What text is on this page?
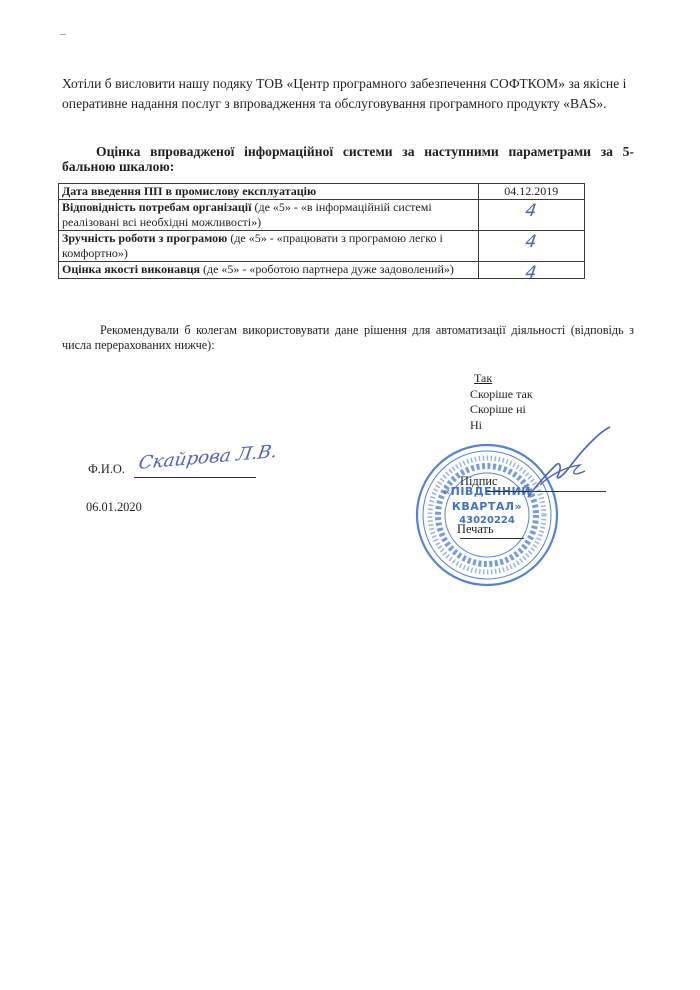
Хотіли б висловити нашу подяку ТОВ «Центр програмного забезпечення СОФТКОМ» за якісне і оперативне надання послуг з впровадження та обслуговування програмного продукту «BAS».
Оцінка впровадженої інформаційної системи за наступними параметрами за 5-бальною шкалою:
Дата введення ПП в промислову експлуатацію	04.12.2019
Відповідність потребам організації (де «5» - «в інформаційній системі реалізовані всі необхідні можливості»)	4
Зручність роботи з програмою (де «5» - «працювати з програмою легко і комфортно»)	4
Оцінка якості виконавця (де «5» - «роботою партнера дуже задоволений»)	4
Рекомендували б колегам використовувати дане рішення для автоматизації діяльності (відповідь з числа перерахованих нижче):
Так
Скоріше так
Скоріше ні
Ні
Ф.И.О. Скайрова Л.В.
06.01.2020
«ПІВДЕННИЙ
КВАРТАЛ»
43020224
Підпис
Печать
